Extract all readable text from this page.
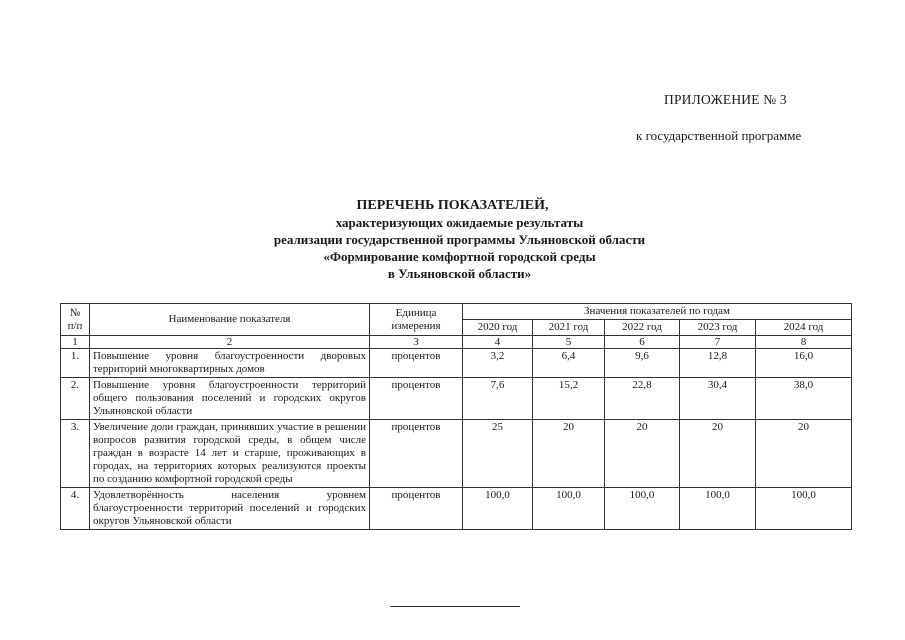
ПРИЛОЖЕНИЕ № 3
к государственной программе
ПЕРЕЧЕНЬ ПОКАЗАТЕЛЕЙ,
характеризующих ожидаемые результаты
реализации государственной программы Ульяновской области
«Формирование комфортной городской среды
в Ульяновской области»
№ п/п	Наименование показателя	Единица измерения	Значения показателей по годам				
			2020 год	2021 год	2022 год	2023 год	2024 год
1	2	3	4	5	6	7	8
1.	Повышение уровня благоустроенности дворовых территорий многоквартирных домов	процентов	3,2	6,4	9,6	12,8	16,0
2.	Повышение уровня благоустроенности территорий общего пользования поселений и городских округов Ульяновской области	процентов	7,6	15,2	22,8	30,4	38,0
3.	Увеличение доли граждан, принявших участие в решении вопросов развития городской среды, в общем числе граждан в возрасте 14 лет и старше, проживающих в городах, на территориях которых реализуются проекты по созданию комфортной городской среды	процентов	25	20	20	20	20
4.	Удовлетворённость населения уровнем благоустроенности территорий поселений и городских округов Ульяновской области	процентов	100,0	100,0	100,0	100,0	100,0
